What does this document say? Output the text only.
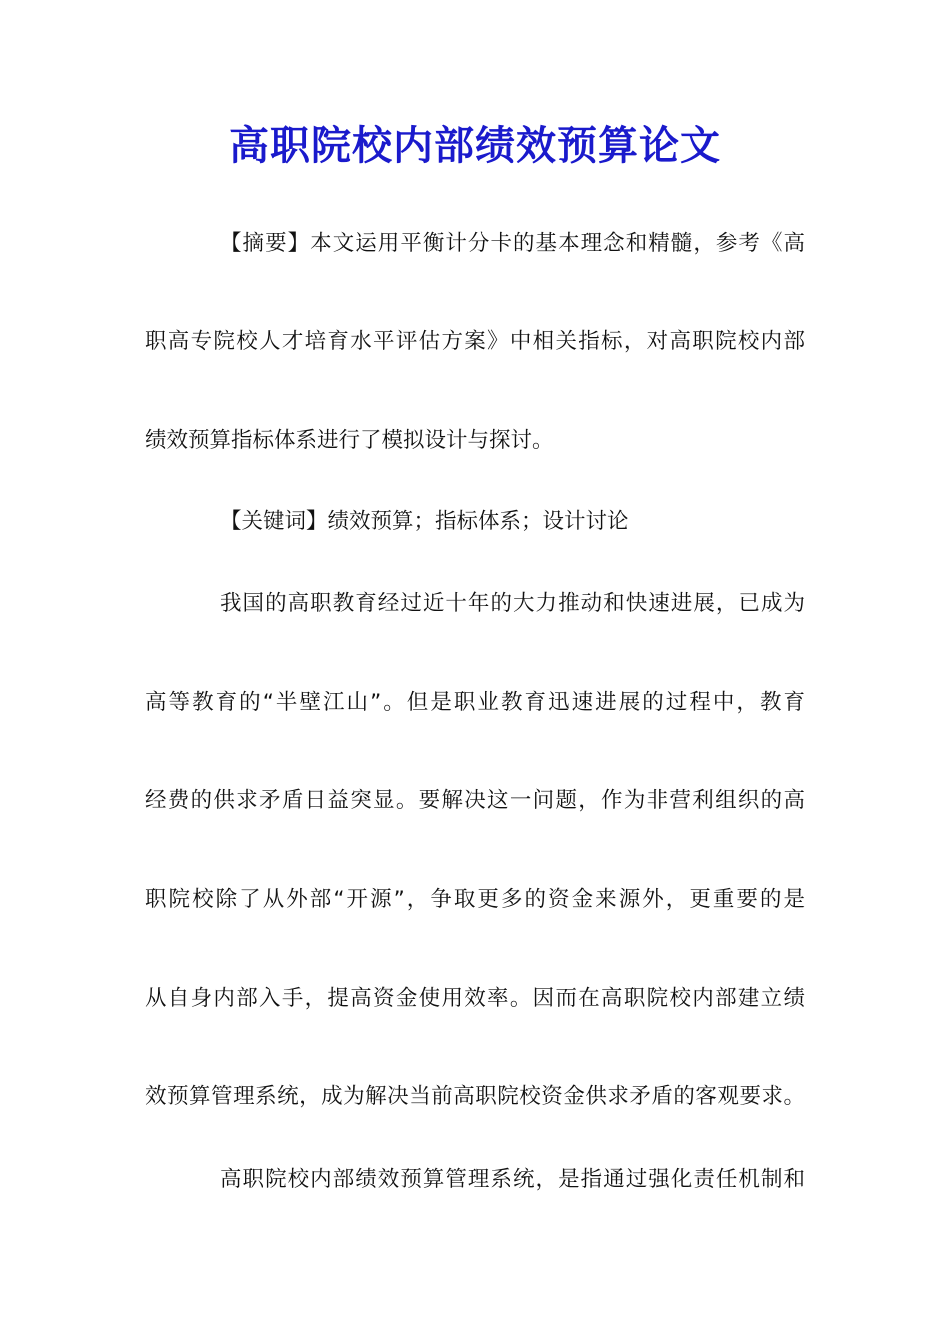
高职院校内部绩效预算论文
【摘要】本文运用平衡计分卡的基本理念和精髓，参考《高
职高专院校人才培育水平评估方案》中相关指标，对高职院校内部
绩效预算指标体系进行了模拟设计与探讨。
【关键词】绩效预算；指标体系；设计讨论
我国的高职教育经过近十年的大力推动和快速进展，已成为
高等教育的“半壁江山”。但是职业教育迅速进展的过程中，教育
经费的供求矛盾日益突显。要解决这一问题，作为非营利组织的高
职院校除了从外部“开源”，争取更多的资金来源外，更重要的是
从自身内部入手，提高资金使用效率。因而在高职院校内部建立绩
效预算管理系统，成为解决当前高职院校资金供求矛盾的客观要求。
高职院校内部绩效预算管理系统，是指通过强化责任机制和
